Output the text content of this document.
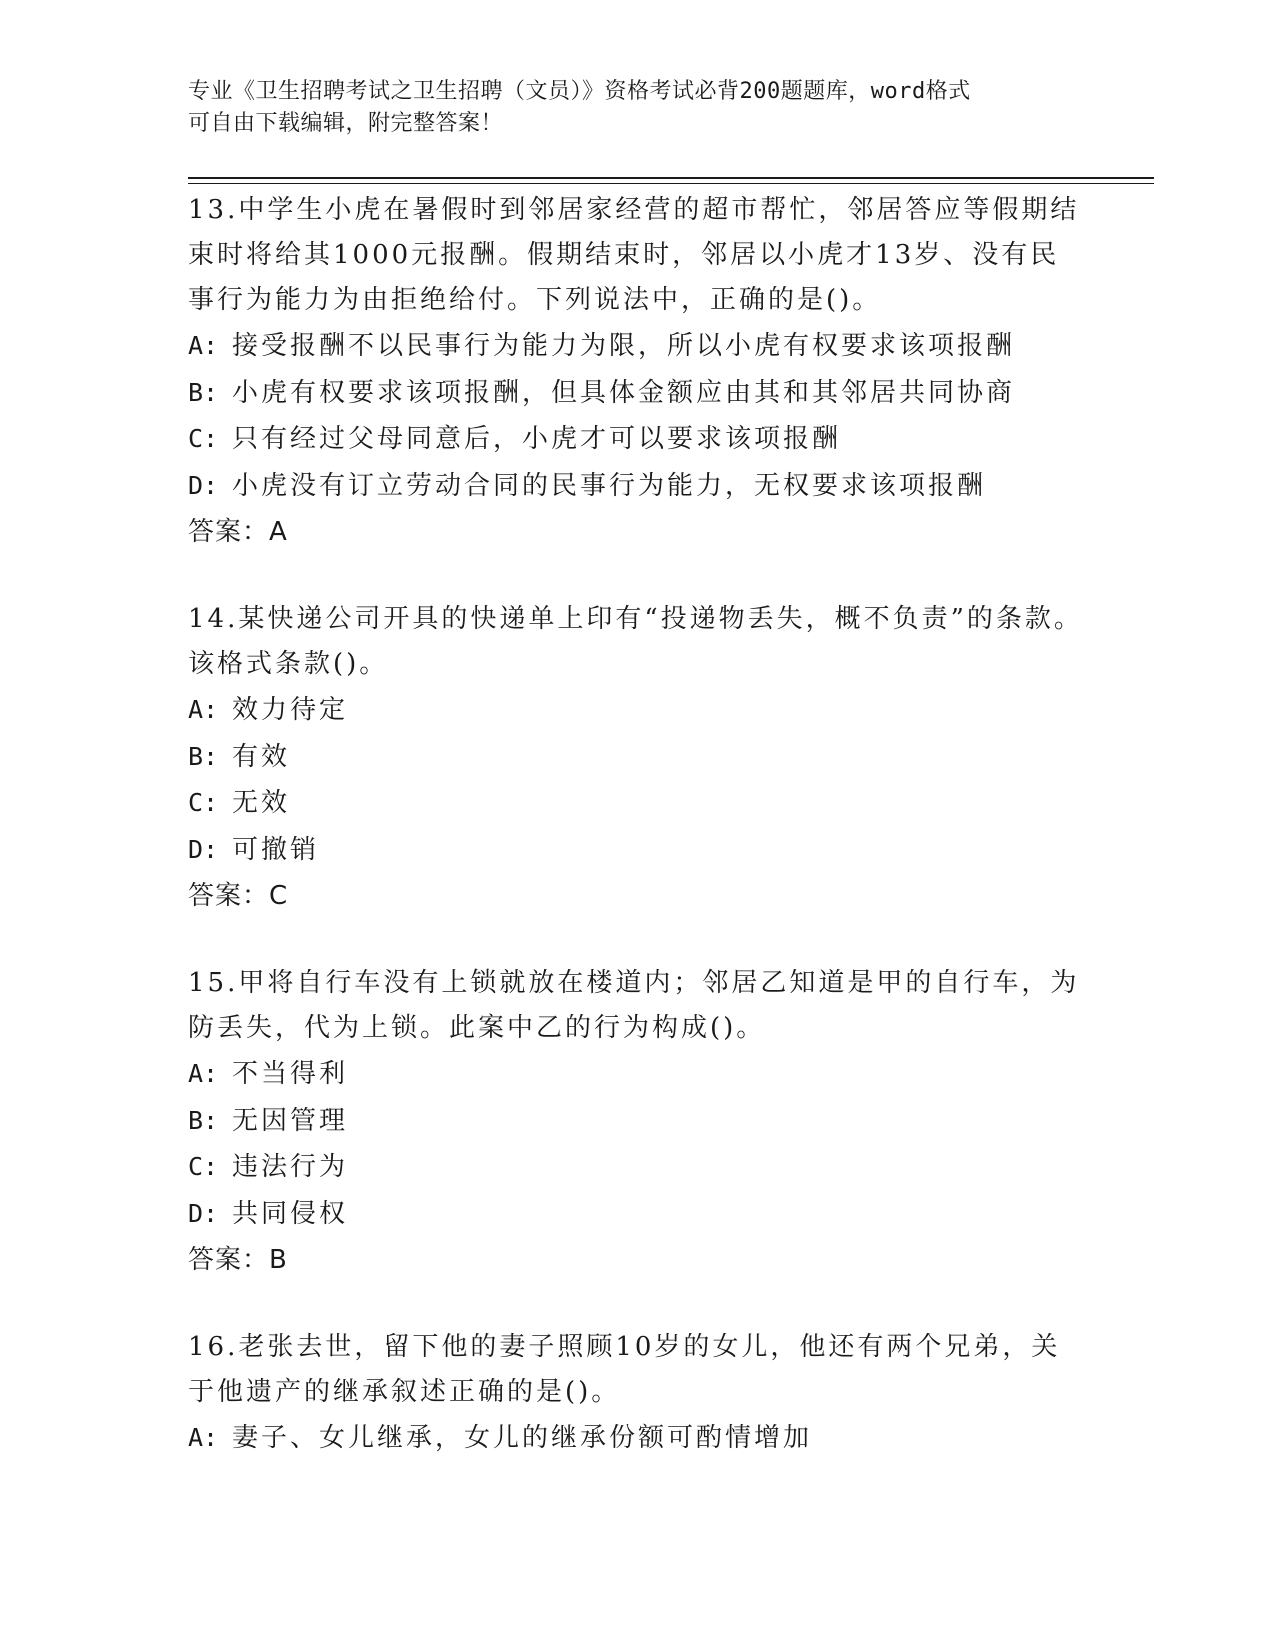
专业《卫生招聘考试之卫生招聘（文员）》资格考试必背200题题库，word格式
可自由下载编辑，附完整答案！

13.中学生小虎在暑假时到邻居家经营的超市帮忙，邻居答应等假期结束时将给其1000元报酬。假期结束时，邻居以小虎才13岁、没有民事行为能力为由拒绝给付。下列说法中，正确的是()。

A: 接受报酬不以民事行为能力为限，所以小虎有权要求该项报酬

B: 小虎有权要求该项报酬，但具体金额应由其和其邻居共同协商

C: 只有经过父母同意后，小虎才可以要求该项报酬

D: 小虎没有订立劳动合同的民事行为能力，无权要求该项报酬

答案：A

14.某快递公司开具的快递单上印有“投递物丢失，概不负责”的条款。该格式条款()。

A: 效力待定

B: 有效

C: 无效

D: 可撤销

答案：C

15.甲将自行车没有上锁就放在楼道内；邻居乙知道是甲的自行车，为防丢失，代为上锁。此案中乙的行为构成()。

A: 不当得利

B: 无因管理

C: 违法行为

D: 共同侵权

答案：B

16.老张去世，留下他的妻子照顾10岁的女儿，他还有两个兄弟，关于他遗产的继承叙述正确的是()。

A: 妻子、女儿继承，女儿的继承份额可酌情增加
